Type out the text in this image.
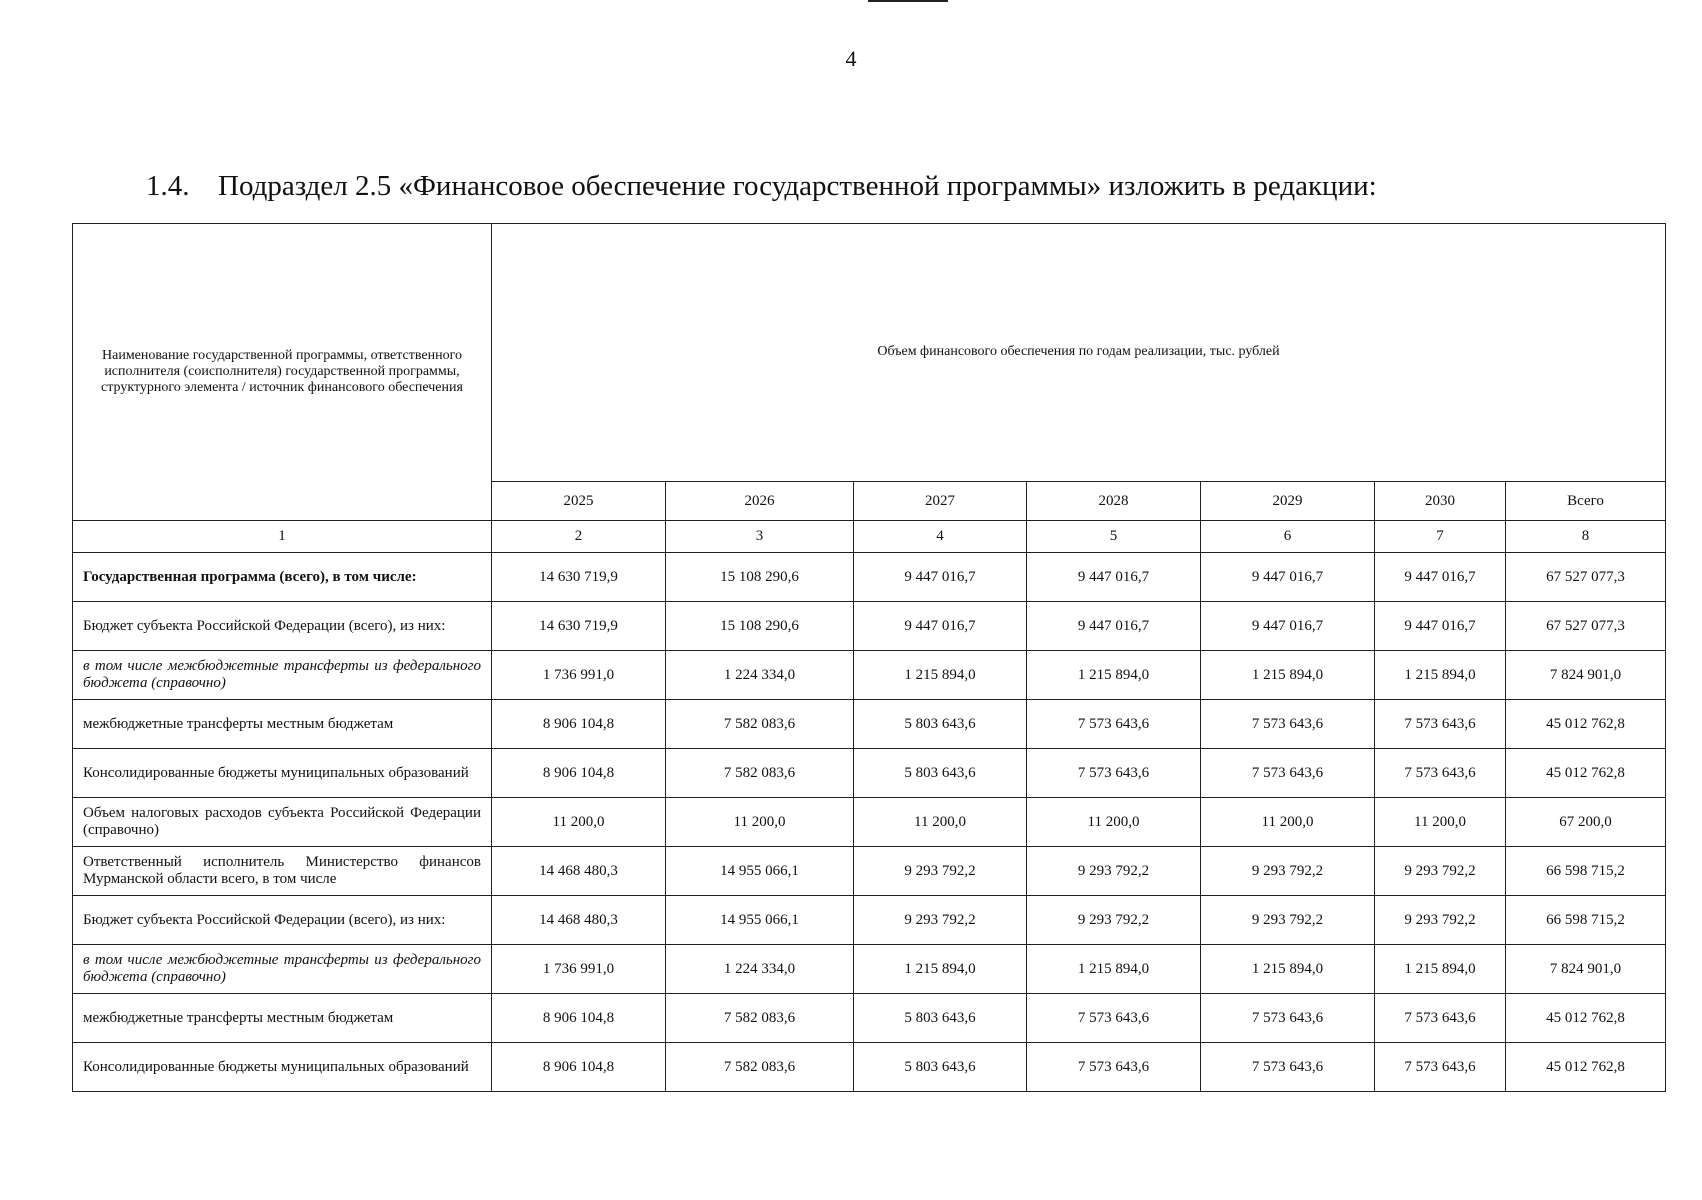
4
1.4. Подраздел 2.5 «Финансовое обеспечение государственной программы» изложить в редакции:
Наименование государственной программы, ответственного исполнителя (соисполнителя) государственной программы, структурного элемента / источник финансового обеспечения	Объем финансового обеспечения по годам реализации, тыс. рублей						
	2025	2026	2027	2028	2029	2030	Всего
1	2	3	4	5	6	7	8
Государственная программа (всего), в том числе:	14 630 719,9	15 108 290,6	9 447 016,7	9 447 016,7	9 447 016,7	9 447 016,7	67 527 077,3
Бюджет субъекта Российской Федерации (всего), из них:	14 630 719,9	15 108 290,6	9 447 016,7	9 447 016,7	9 447 016,7	9 447 016,7	67 527 077,3
в том числе межбюджетные трансферты из федерального бюджета (справочно)	1 736 991,0	1 224 334,0	1 215 894,0	1 215 894,0	1 215 894,0	1 215 894,0	7 824 901,0
межбюджетные трансферты местным бюджетам	8 906 104,8	7 582 083,6	5 803 643,6	7 573 643,6	7 573 643,6	7 573 643,6	45 012 762,8
Консолидированные бюджеты муниципальных образований	8 906 104,8	7 582 083,6	5 803 643,6	7 573 643,6	7 573 643,6	7 573 643,6	45 012 762,8
Объем налоговых расходов субъекта Российской Федерации (справочно)	11 200,0	11 200,0	11 200,0	11 200,0	11 200,0	11 200,0	67 200,0
Ответственный исполнитель Министерство финансов Мурманской области всего, в том числе	14 468 480,3	14 955 066,1	9 293 792,2	9 293 792,2	9 293 792,2	9 293 792,2	66 598 715,2
Бюджет субъекта Российской Федерации (всего), из них:	14 468 480,3	14 955 066,1	9 293 792,2	9 293 792,2	9 293 792,2	9 293 792,2	66 598 715,2
в том числе межбюджетные трансферты из федерального бюджета (справочно)	1 736 991,0	1 224 334,0	1 215 894,0	1 215 894,0	1 215 894,0	1 215 894,0	7 824 901,0
межбюджетные трансферты местным бюджетам	8 906 104,8	7 582 083,6	5 803 643,6	7 573 643,6	7 573 643,6	7 573 643,6	45 012 762,8
Консолидированные бюджеты муниципальных образований	8 906 104,8	7 582 083,6	5 803 643,6	7 573 643,6	7 573 643,6	7 573 643,6	45 012 762,8
